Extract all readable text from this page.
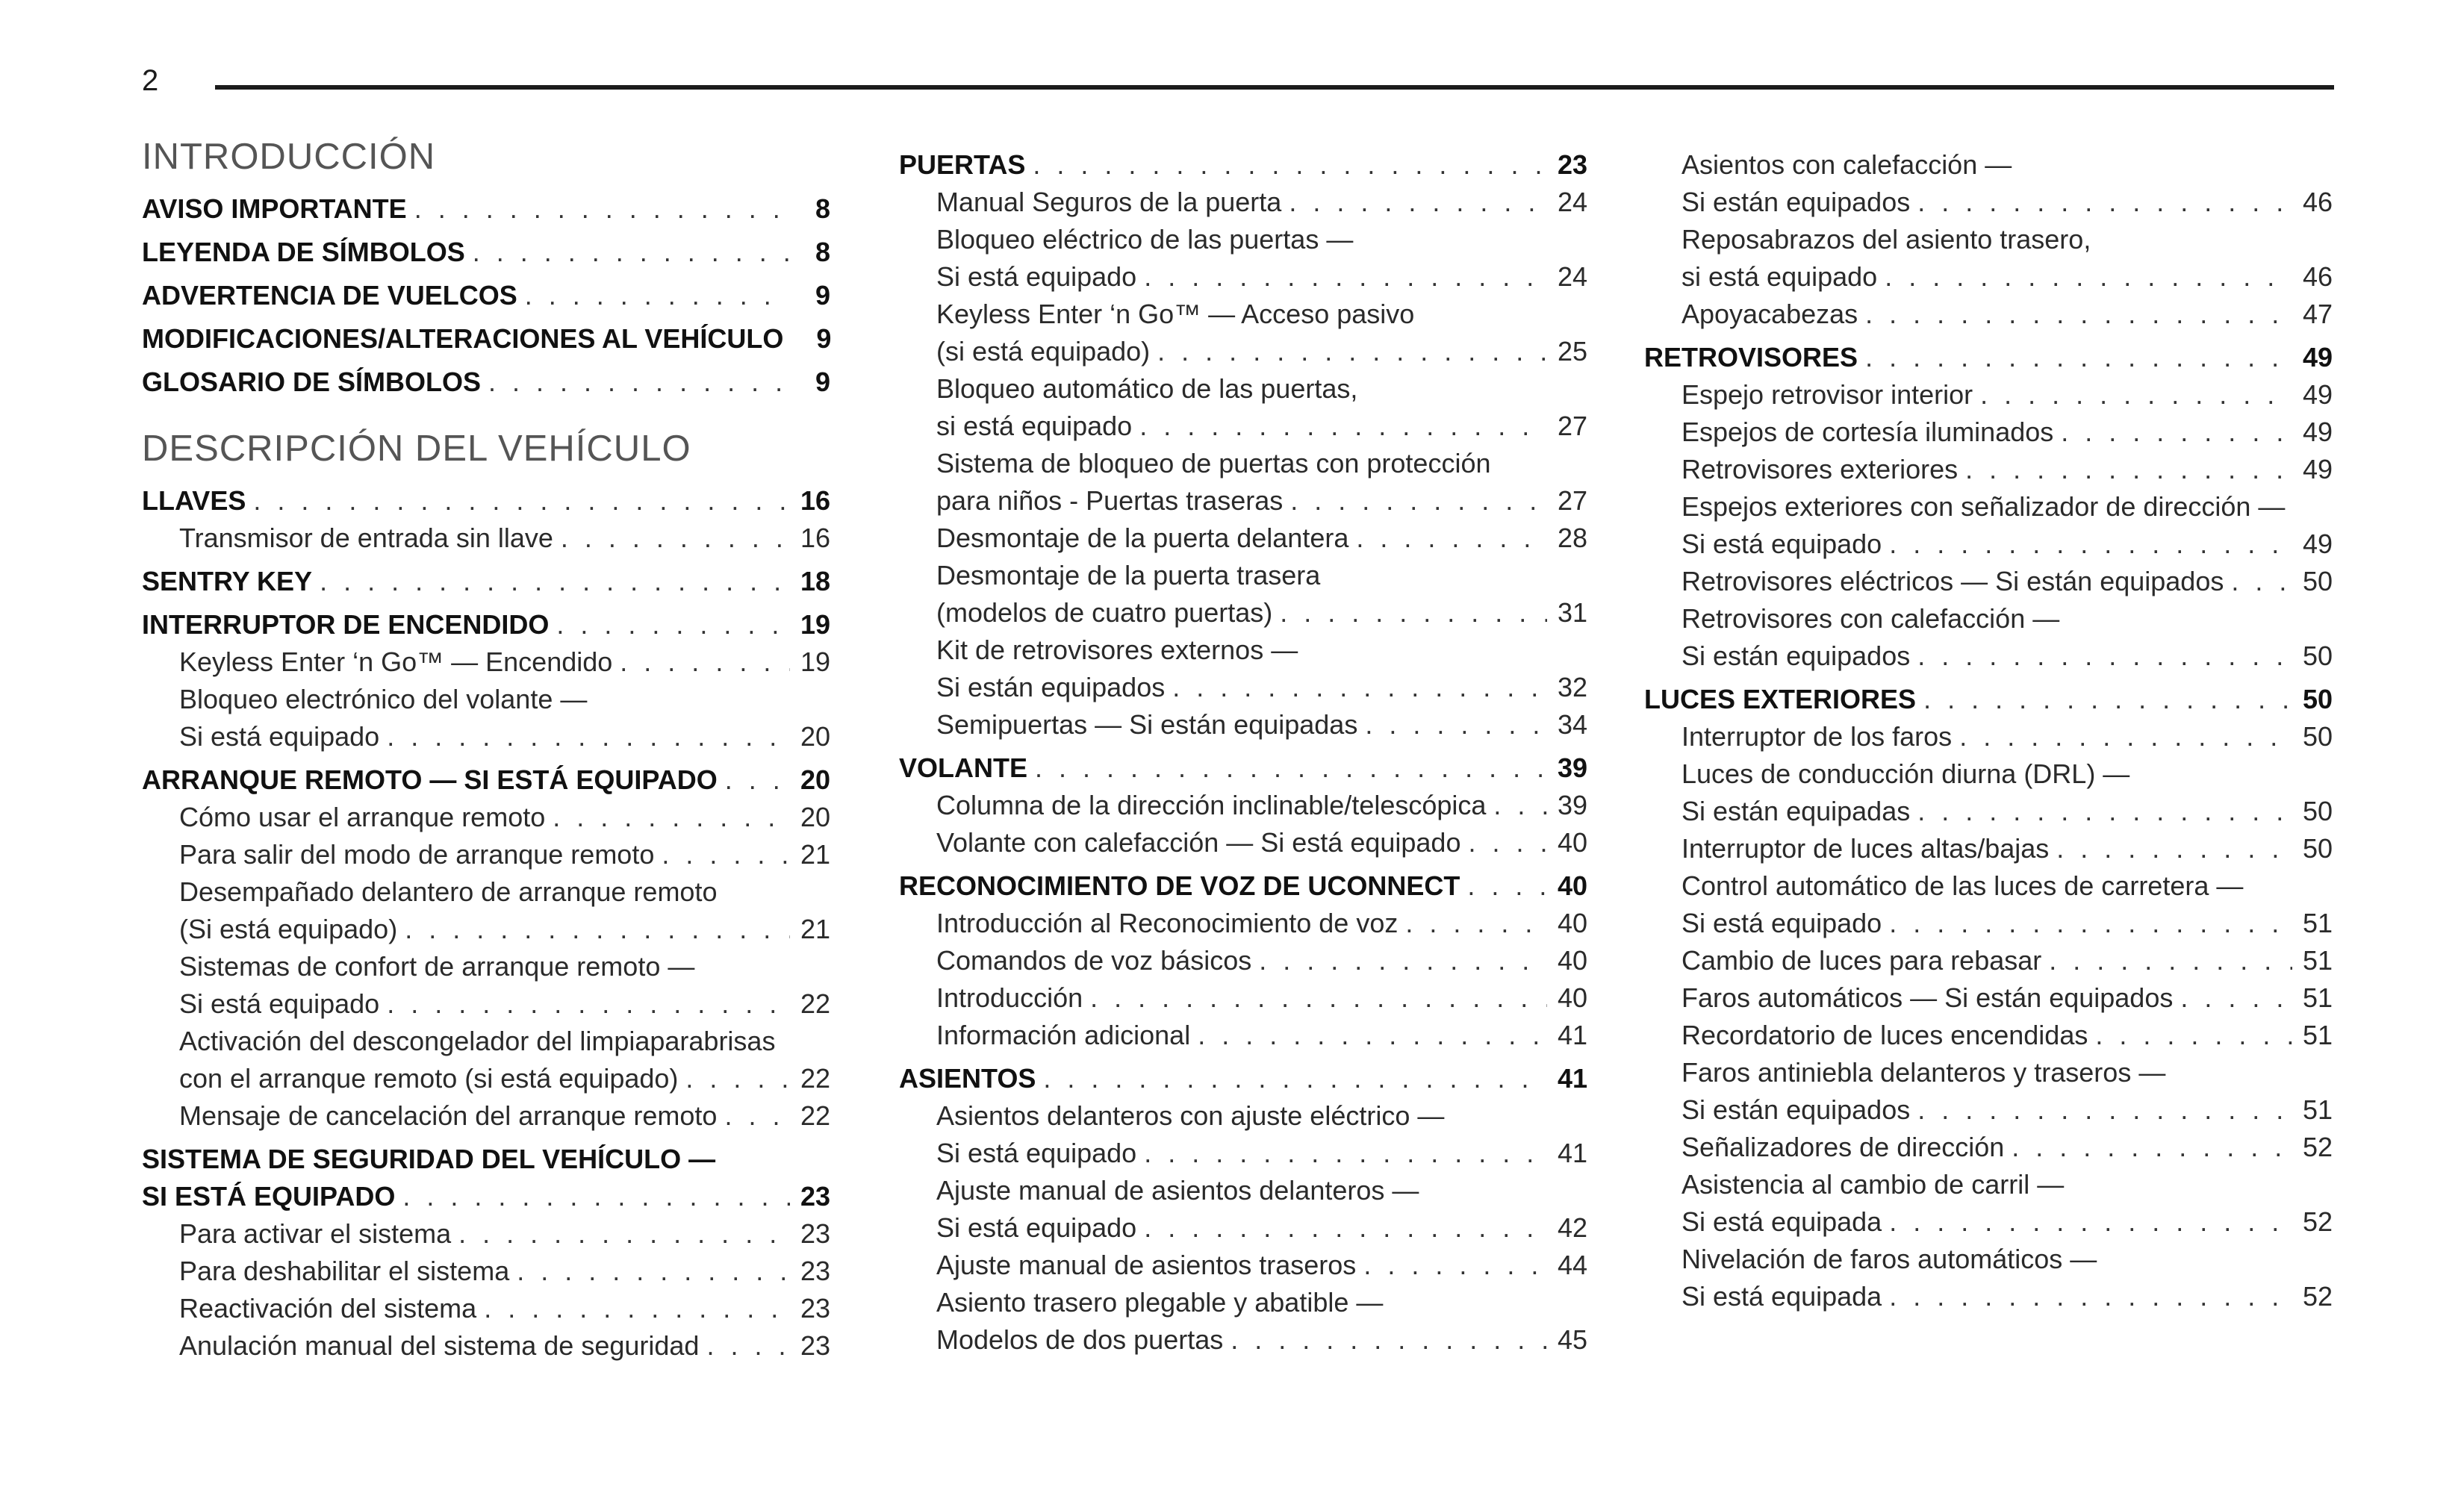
2
INTRODUCCIÓN
AVISO IMPORTANTE . . .	8
LEYENDA DE SÍMBOLOS . . .	8
ADVERTENCIA DE VUELCOS . . .	9
MODIFICACIONES/ALTERACIONES AL VEHÍCULO	9
GLOSARIO DE SÍMBOLOS . . .	9
DESCRIPCIÓN DEL VEHÍCULO
LLAVES . . .	16
Transmisor de entrada sin llave . . .	16
SENTRY KEY . . .	18
INTERRUPTOR DE ENCENDIDO . . .	19
Keyless Enter ‘n Go™ — Encendido . . .	19
Bloqueo electrónico del volante —
Si está equipado . . .	20
ARRANQUE REMOTO — SI ESTÁ EQUIPADO . . .	20
Cómo usar el arranque remoto . . .	20
Para salir del modo de arranque remoto . . .	21
Desempañado delantero de arranque remoto
(Si está equipado) . . .	21
Sistemas de confort de arranque remoto —
Si está equipado . . .	22
Activación del descongelador del limpiaparabrisas
con el arranque remoto (si está equipado) . . .	22
Mensaje de cancelación del arranque remoto . . .	22
SISTEMA DE SEGURIDAD DEL VEHÍCULO —
SI ESTÁ EQUIPADO . . .	23
Para activar el sistema . . .	23
Para deshabilitar el sistema . . .	23
Reactivación del sistema . . .	23
Anulación manual del sistema de seguridad . . .	23
PUERTAS . . .	23
Manual Seguros de la puerta . . .	24
Bloqueo eléctrico de las puertas —
Si está equipado . . .	24
Keyless Enter ‘n Go™ — Acceso pasivo
(si está equipado) . . .	25
Bloqueo automático de las puertas,
si está equipado . . .	27
Sistema de bloqueo de puertas con protección
para niños - Puertas traseras . . .	27
Desmontaje de la puerta delantera . . .	28
Desmontaje de la puerta trasera
(modelos de cuatro puertas) . . .	31
Kit de retrovisores externos —
Si están equipados . . .	32
Semipuertas — Si están equipadas . . .	34
VOLANTE . . .	39
Columna de la dirección inclinable/telescópica . . .	39
Volante con calefacción — Si está equipado . . .	40
RECONOCIMIENTO DE VOZ DE UCONNECT . . .	40
Introducción al Reconocimiento de voz . . .	40
Comandos de voz básicos . . .	40
Introducción . . .	40
Información adicional . . .	41
ASIENTOS . . .	41
Asientos delanteros con ajuste eléctrico —
Si está equipado . . .	41
Ajuste manual de asientos delanteros —
Si está equipado . . .	42
Ajuste manual de asientos traseros . . .	44
Asiento trasero plegable y abatible —
Modelos de dos puertas . . .	45
Asientos con calefacción —
Si están equipados . . .	46
Reposabrazos del asiento trasero,
si está equipado . . .	46
Apoyacabezas . . .	47
RETROVISORES . . .	49
Espejo retrovisor interior . . .	49
Espejos de cortesía iluminados . . .	49
Retrovisores exteriores . . .	49
Espejos exteriores con señalizador de dirección —
Si está equipado . . .	49
Retrovisores eléctricos — Si están equipados . . .	50
Retrovisores con calefacción —
Si están equipados . . .	50
LUCES EXTERIORES . . .	50
Interruptor de los faros . . .	50
Luces de conducción diurna (DRL) —
Si están equipadas . . .	50
Interruptor de luces altas/bajas . . .	50
Control automático de las luces de carretera —
Si está equipado . . .	51
Cambio de luces para rebasar . . .	51
Faros automáticos — Si están equipados . . .	51
Recordatorio de luces encendidas . . .	51
Faros antiniebla delanteros y traseros —
Si están equipados . . .	51
Señalizadores de dirección . . .	52
Asistencia al cambio de carril —
Si está equipada . . .	52
Nivelación de faros automáticos —
Si está equipada . . .	52
